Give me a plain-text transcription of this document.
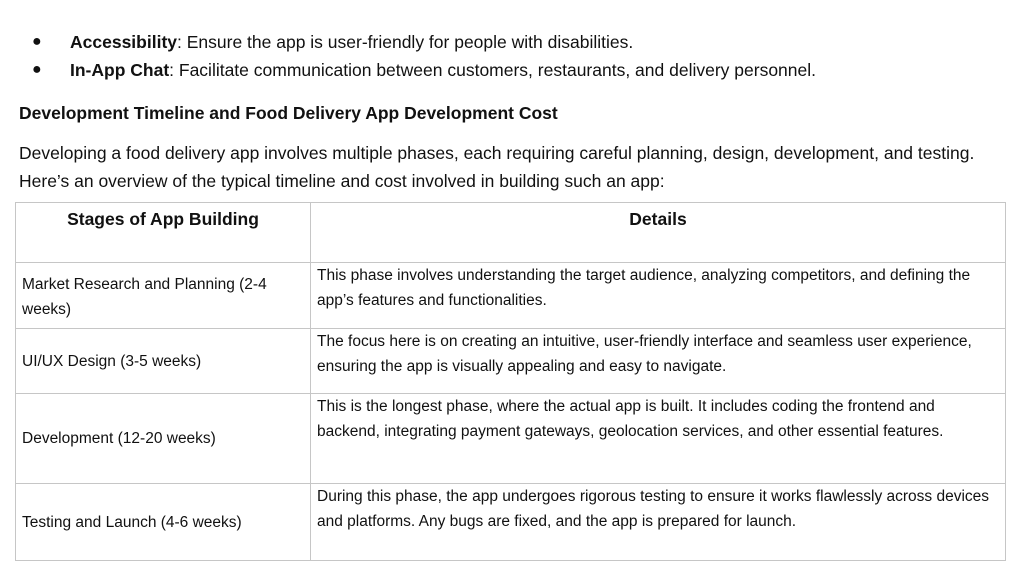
● Accessibility: Ensure the app is user-friendly for people with disabilities.
● In-App Chat: Facilitate communication between customers, restaurants, and delivery personnel.
Development Timeline and Food Delivery App Development Cost
Developing a food delivery app involves multiple phases, each requiring careful planning, design, development, and testing. Here’s an overview of the typical timeline and cost involved in building such an app:
Stages of App Building	Details
Market Research and Planning (2-4 weeks)	This phase involves understanding the target audience, analyzing competitors, and defining the app’s features and functionalities.
UI/UX Design (3-5 weeks)	The focus here is on creating an intuitive, user-friendly interface and seamless user experience, ensuring the app is visually appealing and easy to navigate.
Development (12-20 weeks)	This is the longest phase, where the actual app is built. It includes coding the frontend and backend, integrating payment gateways, geolocation services, and other essential features.
Testing and Launch (4-6 weeks)	During this phase, the app undergoes rigorous testing to ensure it works flawlessly across devices and platforms. Any bugs are fixed, and the app is prepared for launch.
